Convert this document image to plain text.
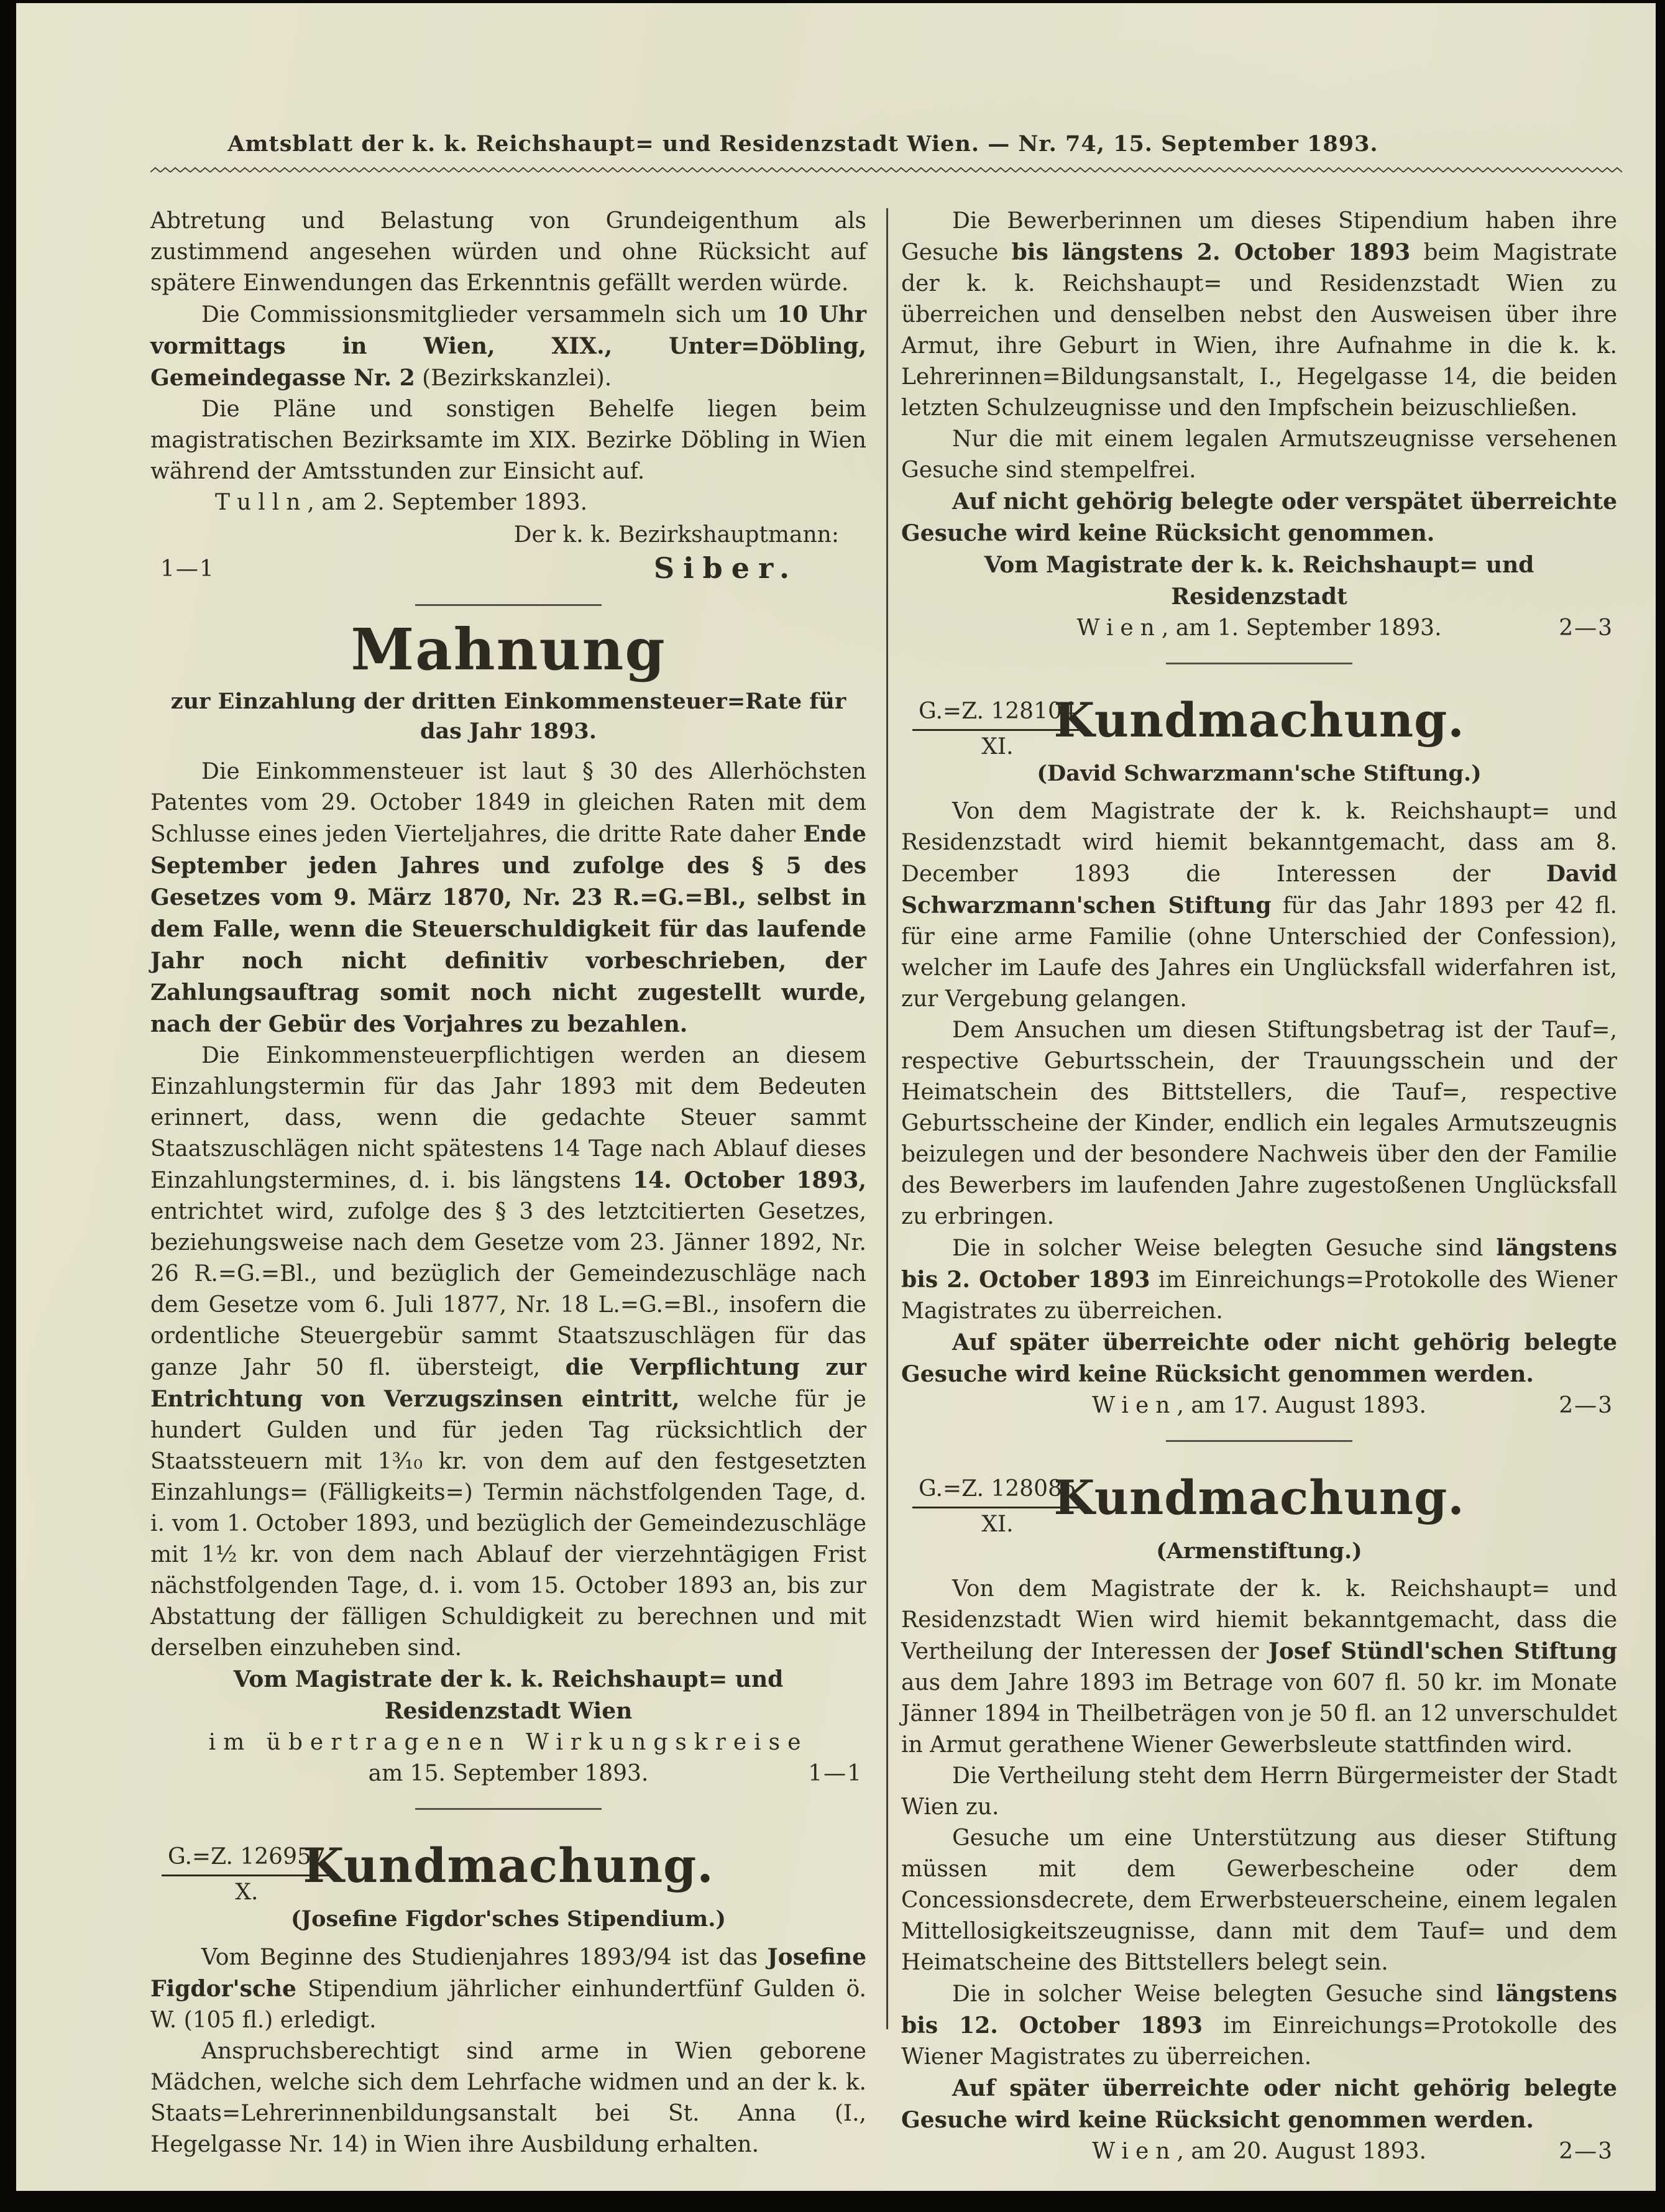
Amtsblatt der k. k. Reichshaupt= und Residenzstadt Wien. — Nr. 74, 15. September 1893.
Abtretung und Belastung von Grundeigenthum als zustimmend angesehen würden und ohne Rücksicht auf spätere Einwendungen das Erkenntnis gefällt werden würde.
Die Commissionsmitglieder versammeln sich um 10 Uhr vormittags in Wien, XIX., Unter=Döbling, Gemeindegasse Nr. 2 (Bezirkskanzlei).
Die Pläne und sonstigen Behelfe liegen beim magistratischen Bezirksamte im XIX. Bezirke Döbling in Wien während der Amtsstunden zur Einsicht auf.
Tulln, am 2. September 1893.
Der k. k. Bezirkshauptmann:
Siber.
1—1
Mahnung
zur Einzahlung der dritten Einkommensteuer=Rate für das Jahr 1893.
Die Einkommensteuer ist laut § 30 des Allerhöchsten Patentes vom 29. October 1849 in gleichen Raten mit dem Schlusse eines jeden Vierteljahres, die dritte Rate daher Ende September jeden Jahres und zufolge des § 5 des Gesetzes vom 9. März 1870, Nr. 23 R.=G.=Bl., selbst in dem Falle, wenn die Steuerschuldigkeit für das laufende Jahr noch nicht definitiv vorbeschrieben, der Zahlungsauftrag somit noch nicht zugestellt wurde, nach der Gebür des Vorjahres zu bezahlen.
Die Einkommensteuerpflichtigen werden an diesem Einzahlungstermin für das Jahr 1893 mit dem Bedeuten erinnert, dass, wenn die gedachte Steuer sammt Staatszuschlägen nicht spätestens 14 Tage nach Ablauf dieses Einzahlungstermines, d. i. bis längstens 14. October 1893, entrichtet wird, zufolge des § 3 des letztcitierten Gesetzes, beziehungsweise nach dem Gesetze vom 23. Jänner 1892, Nr. 26 R.=G.=Bl., und bezüglich der Gemeindezuschläge nach dem Gesetze vom 6. Juli 1877, Nr. 18 L.=G.=Bl., insofern die ordentliche Steuergebür sammt Staatszuschlägen für das ganze Jahr 50 fl. übersteigt, die Verpflichtung zur Entrichtung von Verzugszinsen eintritt, welche für je hundert Gulden und für jeden Tag rücksichtlich der Staatssteuern mit 1³⁄₁₀ kr. von dem auf den festgesetzten Einzahlungs= (Fälligkeits=) Termin nächstfolgenden Tage, d. i. vom 1. October 1893, und bezüglich der Gemeindezuschläge mit 1½ kr. von dem nach Ablauf der vierzehntägigen Frist nächstfolgenden Tage, d. i. vom 15. October 1893 an, bis zur Abstattung der fälligen Schuldigkeit zu berechnen und mit derselben einzuheben sind.
Vom Magistrate der k. k. Reichshaupt= und Residenzstadt Wien
im übertragenen Wirkungskreise
am 15. September 1893.	1—1
$\frac{G.=Z. 126957}{X.}$
Kundmachung.
(Josefine Figdor'sches Stipendium.)
Vom Beginne des Studienjahres 1893/94 ist das Josefine Figdor'sche Stipendium jährlicher einhundertfünf Gulden ö. W. (105 fl.) erledigt.
Anspruchsberechtigt sind arme in Wien geborene Mädchen, welche sich dem Lehrfache widmen und an der k. k. Staats=Lehrerinnenbildungsanstalt bei St. Anna (I., Hegelgasse Nr. 14) in Wien ihre Ausbildung erhalten.
Die Bewerberinnen um dieses Stipendium haben ihre Gesuche bis längstens 2. October 1893 beim Magistrate der k. k. Reichshaupt= und Residenzstadt Wien zu überreichen und denselben nebst den Ausweisen über ihre Armut, ihre Geburt in Wien, ihre Aufnahme in die k. k. Lehrerinnen=Bildungsanstalt, I., Hegelgasse 14, die beiden letzten Schulzeugnisse und den Impfschein beizuschließen.
Nur die mit einem legalen Armutszeugnisse versehenen Gesuche sind stempelfrei.
Auf nicht gehörig belegte oder verspätet überreichte Gesuche wird keine Rücksicht genommen.
Vom Magistrate der k. k. Reichshaupt= und Residenzstadt
Wien, am 1. September 1893.	2—3
$\frac{G.=Z. 128104}{XI.}$
Kundmachung.
(David Schwarzmann'sche Stiftung.)
Von dem Magistrate der k. k. Reichshaupt= und Residenzstadt wird hiemit bekanntgemacht, dass am 8. December 1893 die Interessen der David Schwarzmann'schen Stiftung für das Jahr 1893 per 42 fl. für eine arme Familie (ohne Unterschied der Confession), welcher im Laufe des Jahres ein Unglücksfall widerfahren ist, zur Vergebung gelangen.
Dem Ansuchen um diesen Stiftungsbetrag ist der Tauf=, respective Geburtsschein, der Trauungsschein und der Heimatschein des Bittstellers, die Tauf=, respective Geburtsscheine der Kinder, endlich ein legales Armutszeugnis beizulegen und der besondere Nachweis über den der Familie des Bewerbers im laufenden Jahre zugestoßenen Unglücksfall zu erbringen.
Die in solcher Weise belegten Gesuche sind längstens bis 2. October 1893 im Einreichungs=Protokolle des Wiener Magistrates zu überreichen.
Auf später überreichte oder nicht gehörig belegte Gesuche wird keine Rücksicht genommen werden.
Wien, am 17. August 1893.	2—3
$\frac{G.=Z. 128085}{XI.}$
Kundmachung.
(Armenstiftung.)
Von dem Magistrate der k. k. Reichshaupt= und Residenzstadt Wien wird hiemit bekanntgemacht, dass die Vertheilung der Interessen der Josef Stündl'schen Stiftung aus dem Jahre 1893 im Betrage von 607 fl. 50 kr. im Monate Jänner 1894 in Theilbeträgen von je 50 fl. an 12 unverschuldet in Armut gerathene Wiener Gewerbsleute stattfinden wird.
Die Vertheilung steht dem Herrn Bürgermeister der Stadt Wien zu.
Gesuche um eine Unterstützung aus dieser Stiftung müssen mit dem Gewerbescheine oder dem Concessionsdecrete, dem Erwerbsteuerscheine, einem legalen Mittellosigkeitszeugnisse, dann mit dem Tauf= und dem Heimatscheine des Bittstellers belegt sein.
Die in solcher Weise belegten Gesuche sind längstens bis 12. October 1893 im Einreichungs=Protokolle des Wiener Magistrates zu überreichen.
Auf später überreichte oder nicht gehörig belegte Gesuche wird keine Rücksicht genommen werden.
Wien, am 20. August 1893.	2—3
